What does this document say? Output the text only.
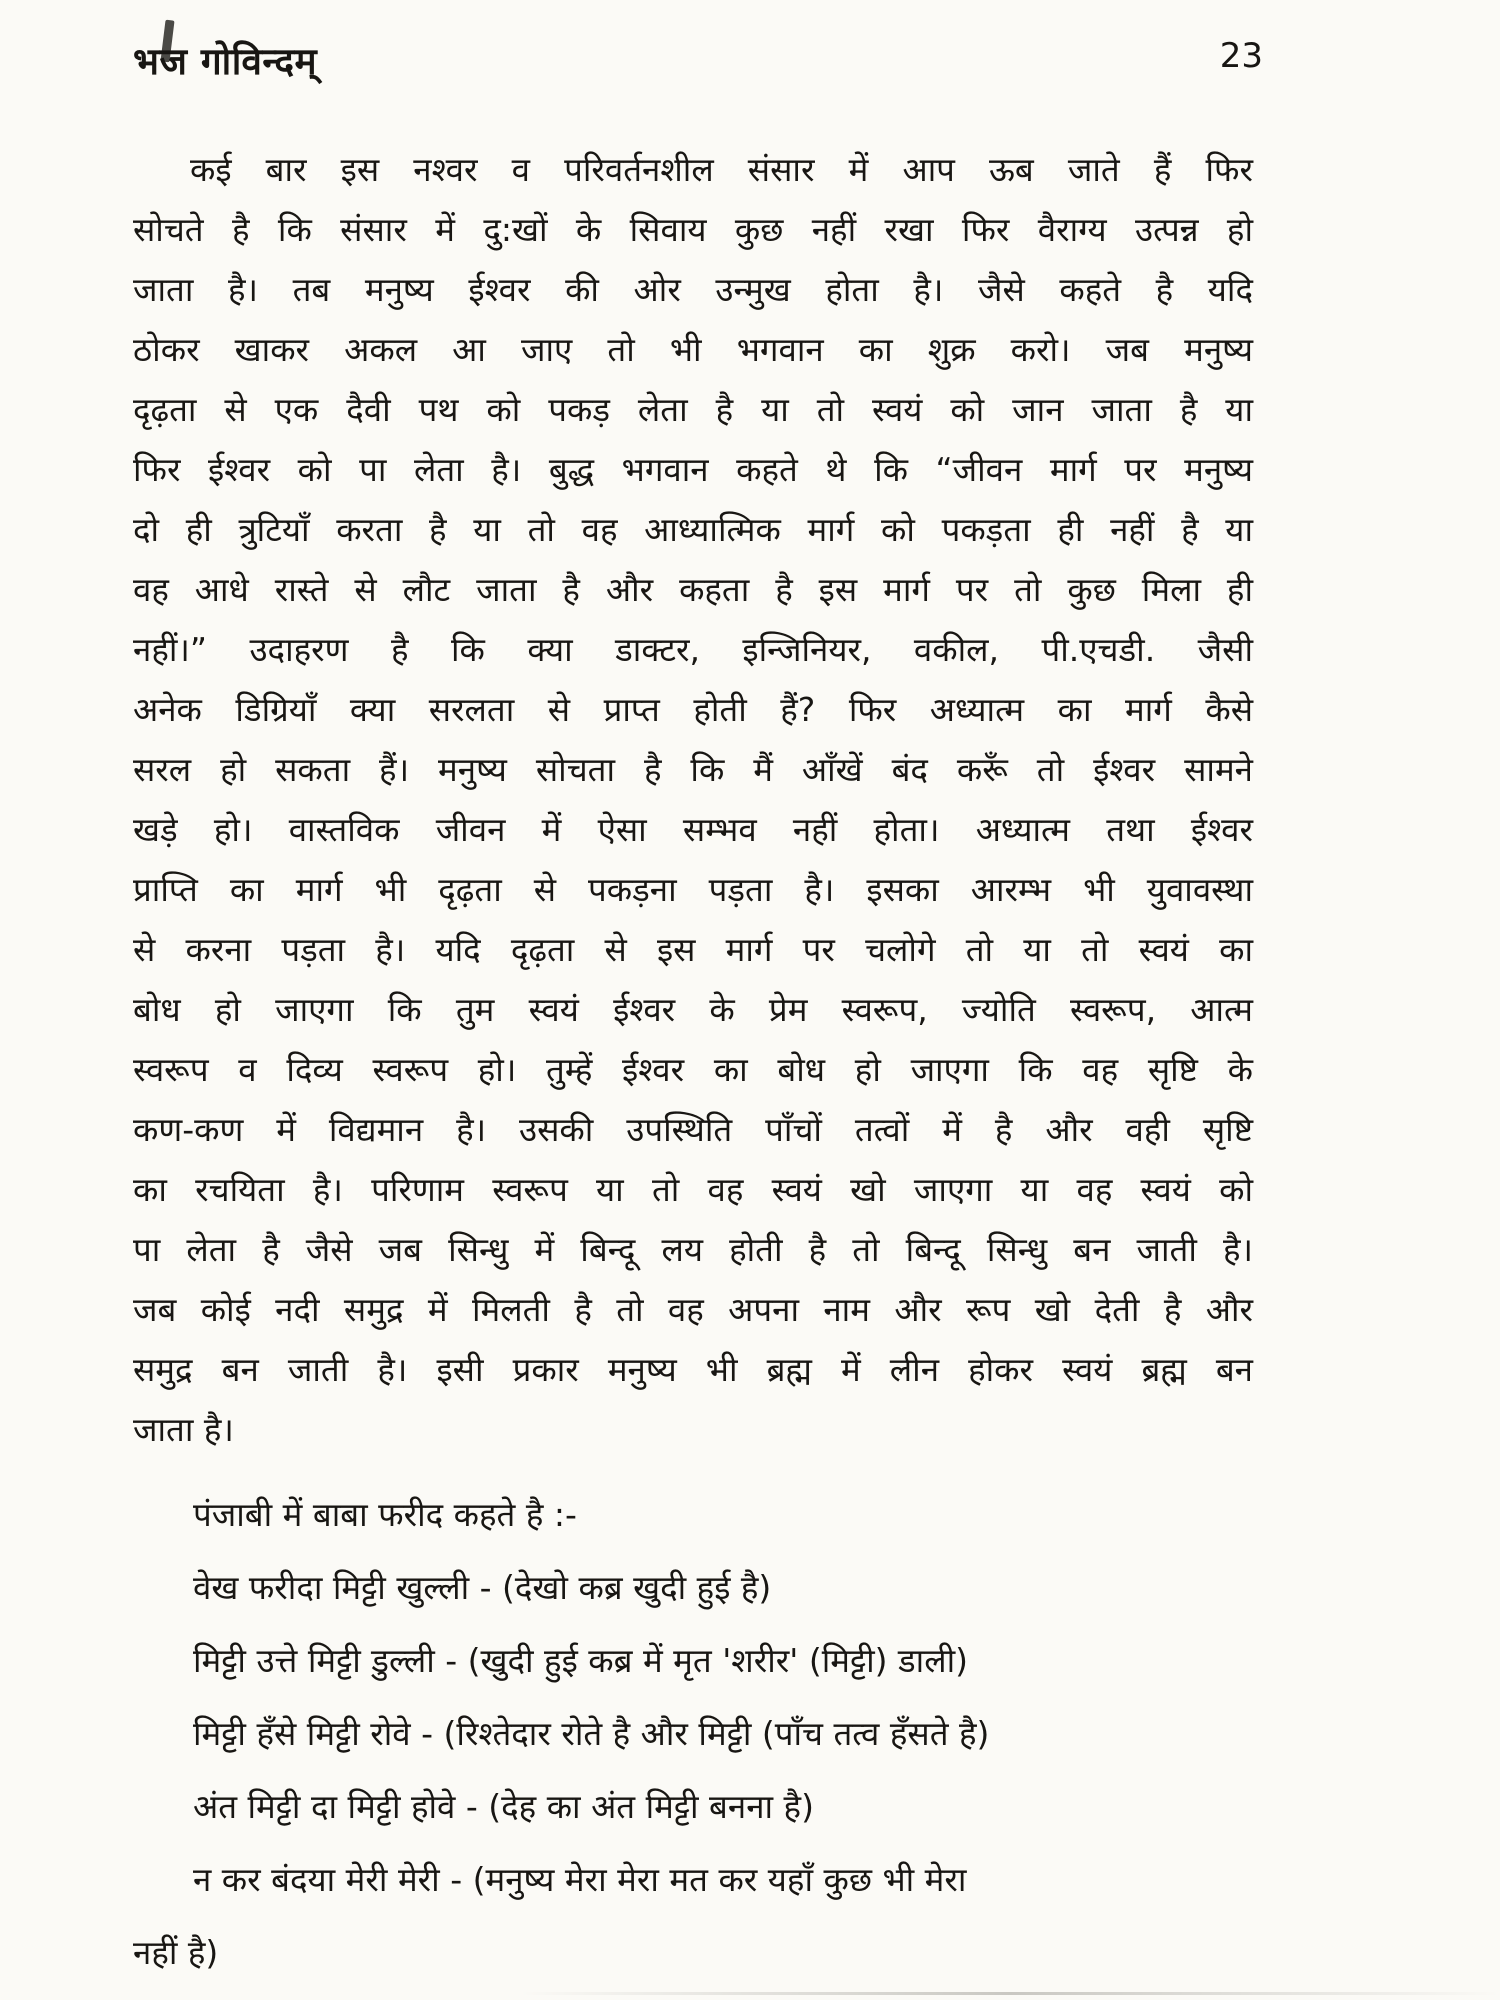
भज गोविन्दम्	23
कई बार इस नश्वर व परिवर्तनशील संसार में आप ऊब जाते हैं फिर
सोचते है कि संसार में दु:खों के सिवाय कुछ नहीं रखा फिर वैराग्य उत्पन्न हो
जाता है। तब मनुष्य ईश्वर की ओर उन्मुख होता है। जैसे कहते है यदि
ठोकर खाकर अकल आ जाए तो भी भगवान का शुक्र करो। जब मनुष्य
दृढ़ता से एक दैवी पथ को पकड़ लेता है या तो स्वयं को जान जाता है या
फिर ईश्वर को पा लेता है। बुद्ध भगवान कहते थे कि “जीवन मार्ग पर मनुष्य
दो ही त्रुटियाँ करता है या तो वह आध्यात्मिक मार्ग को पकड़ता ही नहीं है या
वह आधे रास्ते से लौट जाता है और कहता है इस मार्ग पर तो कुछ मिला ही
नहीं।” उदाहरण है कि क्या डाक्टर, इन्जिनियर, वकील, पी.एचडी. जैसी
अनेक डिग्रियाँ क्या सरलता से प्राप्त होती हैं? फिर अध्यात्म का मार्ग कैसे
सरल हो सकता हैं। मनुष्य सोचता है कि मैं आँखें बंद करूँ तो ईश्वर सामने
खड़े हो। वास्तविक जीवन में ऐसा सम्भव नहीं होता। अध्यात्म तथा ईश्वर
प्राप्ति का मार्ग भी दृढ़ता से पकड़ना पड़ता है। इसका आरम्भ भी युवावस्था
से करना पड़ता है। यदि दृढ़ता से इस मार्ग पर चलोगे तो या तो स्वयं का
बोध हो जाएगा कि तुम स्वयं ईश्वर के प्रेम स्वरूप, ज्योति स्वरूप, आत्म
स्वरूप व दिव्य स्वरूप हो। तुम्हें ईश्वर का बोध हो जाएगा कि वह सृष्टि के
कण-कण में विद्यमान है। उसकी उपस्थिति पाँचों तत्वों में है और वही सृष्टि
का रचयिता है। परिणाम स्वरूप या तो वह स्वयं खो जाएगा या वह स्वयं को
पा लेता है जैसे जब सिन्धु में बिन्दू लय होती है तो बिन्दू सिन्धु बन जाती है।
जब कोई नदी समुद्र में मिलती है तो वह अपना नाम और रूप खो देती है और
समुद्र बन जाती है। इसी प्रकार मनुष्य भी ब्रह्म में लीन होकर स्वयं ब्रह्म बन
जाता है।
पंजाबी में बाबा फरीद कहते है :-
वेख फरीदा मिट्टी खुल्ली - (देखो कब्र खुदी हुई है)
मिट्टी उत्ते मिट्टी डुल्ली - (खुदी हुई कब्र में मृत 'शरीर' (मिट्टी) डाली)
मिट्टी हँसे मिट्टी रोवे - (रिश्तेदार रोते है और मिट्टी (पाँच तत्व हँसते है)
अंत मिट्टी दा मिट्टी होवे - (देह का अंत मिट्टी बनना है)
न कर बंदया मेरी मेरी - (मनुष्य मेरा मेरा मत कर यहाँ कुछ भी मेरा
नहीं है)
